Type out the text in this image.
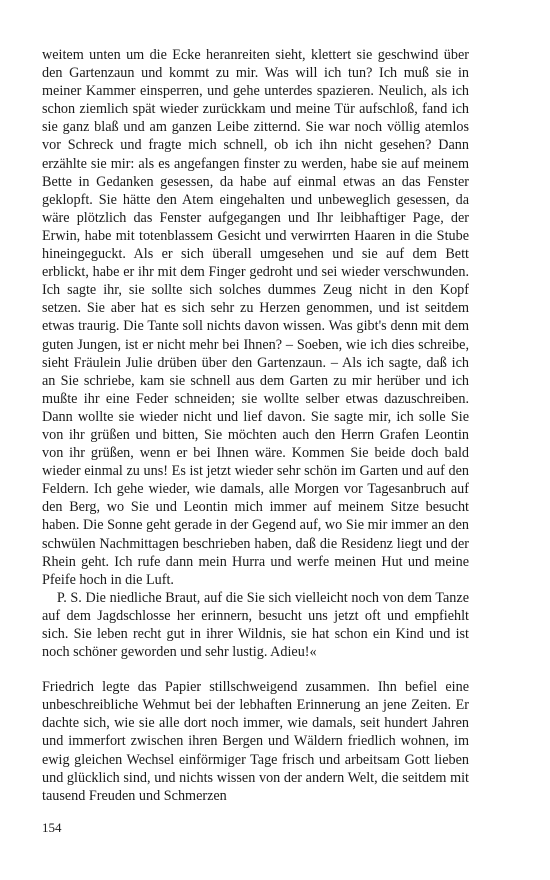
weitem unten um die Ecke heranreiten sieht, klettert sie geschwind über den Gartenzaun und kommt zu mir. Was will ich tun? Ich muß sie in meiner Kammer einsperren, und gehe unterdes spazieren. Neulich, als ich schon ziemlich spät wieder zurückkam und meine Tür aufschloß, fand ich sie ganz blaß und am ganzen Leibe zitternd. Sie war noch völlig atemlos vor Schreck und fragte mich schnell, ob ich ihn nicht gesehen? Dann erzählte sie mir: als es angefangen finster zu werden, habe sie auf meinem Bette in Gedanken gesessen, da habe auf einmal etwas an das Fenster geklopft. Sie hätte den Atem eingehalten und unbeweglich gesessen, da wäre plötzlich das Fenster aufgegangen und Ihr leibhaftiger Page, der Erwin, habe mit totenblassem Gesicht und verwirrten Haaren in die Stube hineingeguckt. Als er sich überall umgesehen und sie auf dem Bett erblickt, habe er ihr mit dem Finger gedroht und sei wieder verschwunden. Ich sagte ihr, sie sollte sich solches dummes Zeug nicht in den Kopf setzen. Sie aber hat es sich sehr zu Herzen genommen, und ist seitdem etwas traurig. Die Tante soll nichts davon wissen. Was gibt's denn mit dem guten Jungen, ist er nicht mehr bei Ihnen? – Soeben, wie ich dies schreibe, sieht Fräulein Julie drüben über den Gartenzaun. – Als ich sagte, daß ich an Sie schriebe, kam sie schnell aus dem Garten zu mir herüber und ich mußte ihr eine Feder schneiden; sie wollte selber etwas dazuschreiben. Dann wollte sie wieder nicht und lief davon. Sie sagte mir, ich solle Sie von ihr grüßen und bitten, Sie möchten auch den Herrn Grafen Leontin von ihr grüßen, wenn er bei Ihnen wäre. Kommen Sie beide doch bald wieder einmal zu uns! Es ist jetzt wieder sehr schön im Garten und auf den Feldern. Ich gehe wieder, wie damals, alle Morgen vor Tagesanbruch auf den Berg, wo Sie und Leontin mich immer auf meinem Sitze besucht haben. Die Sonne geht gerade in der Gegend auf, wo Sie mir immer an den schwülen Nachmittagen beschrieben haben, daß die Residenz liegt und der Rhein geht. Ich rufe dann mein Hurra und werfe meinen Hut und meine Pfeife hoch in die Luft.

P. S. Die niedliche Braut, auf die Sie sich vielleicht noch von dem Tanze auf dem Jagdschlosse her erinnern, besucht uns jetzt oft und empfiehlt sich. Sie leben recht gut in ihrer Wildnis, sie hat schon ein Kind und ist noch schöner geworden und sehr lustig. Adieu!«

Friedrich legte das Papier stillschweigend zusammen. Ihn befiel eine unbeschreibliche Wehmut bei der lebhaften Erinnerung an jene Zeiten. Er dachte sich, wie sie alle dort noch immer, wie damals, seit hundert Jahren und immerfort zwischen ihren Bergen und Wäldern friedlich wohnen, im ewig gleichen Wechsel einförmiger Tage frisch und arbeitsam Gott lieben und glücklich sind, und nichts wissen von der andern Welt, die seitdem mit tausend Freuden und Schmerzen

154
